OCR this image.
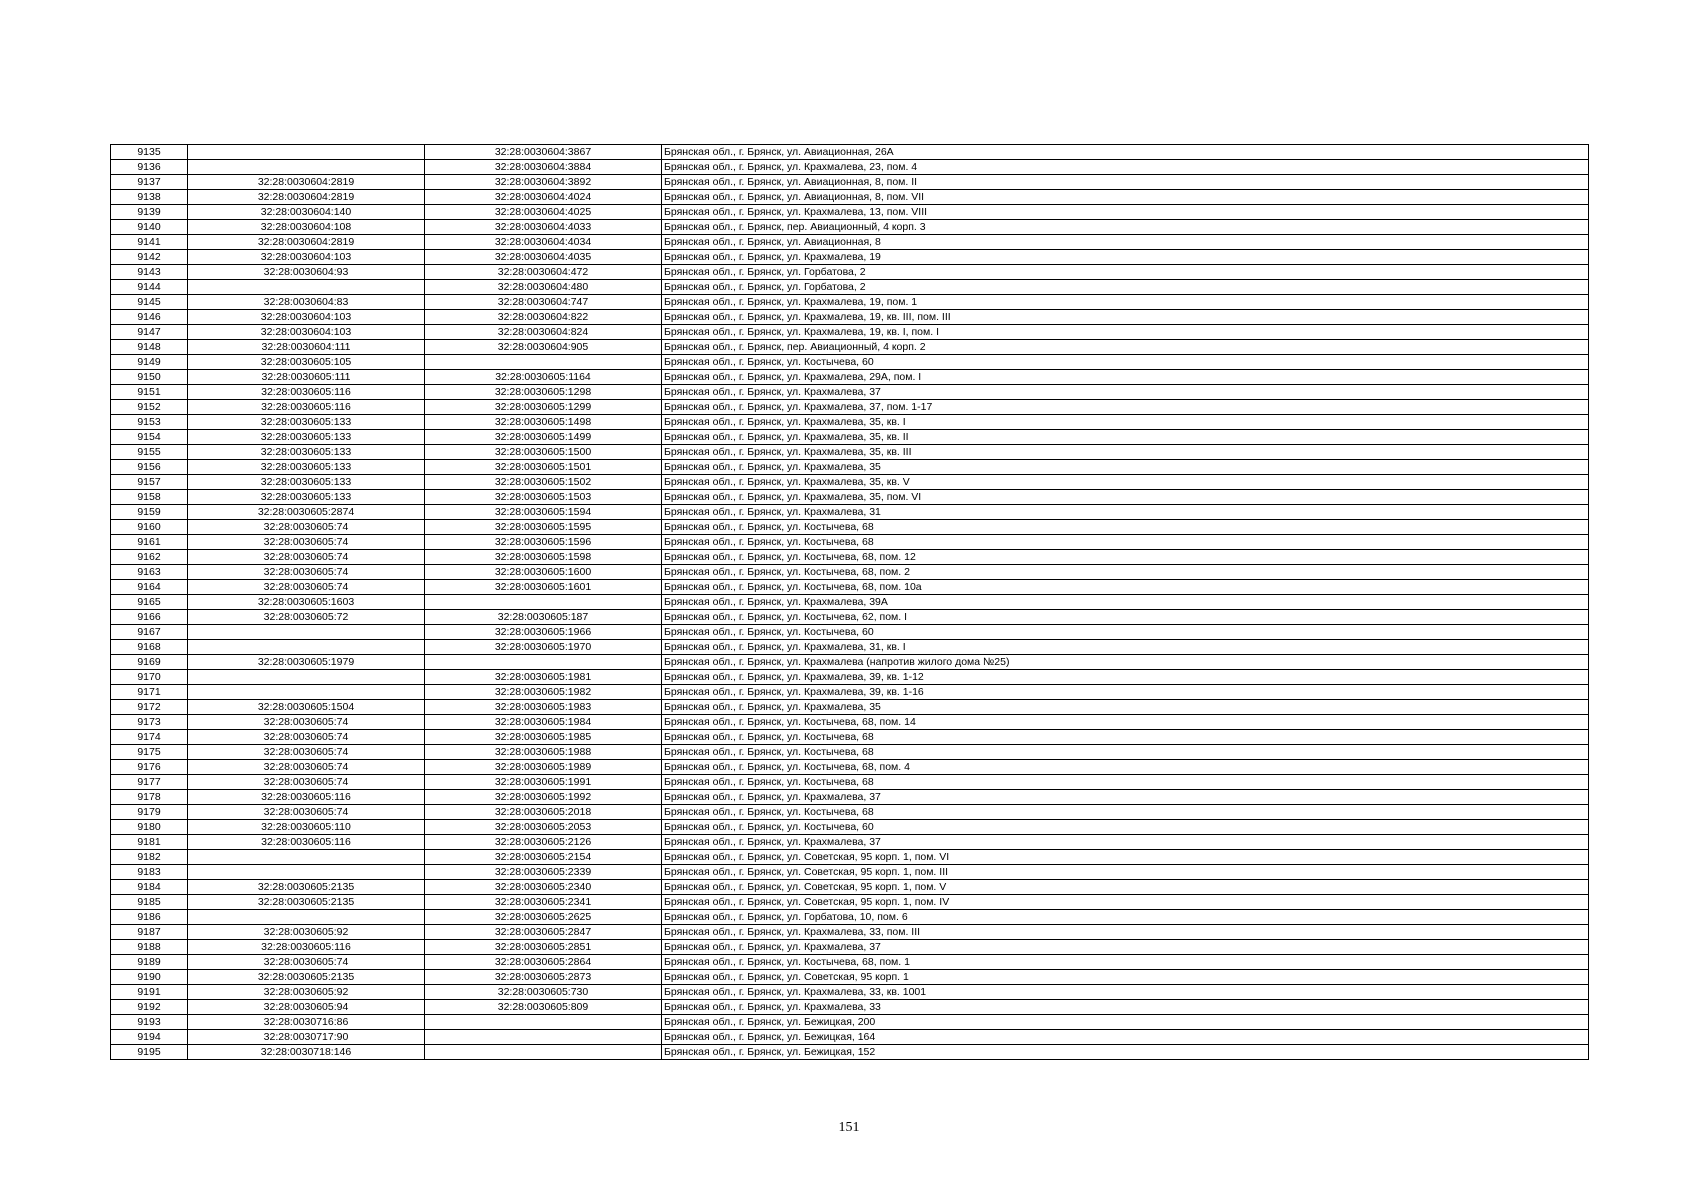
9135		32:28:0030604:3867	Брянская обл., г. Брянск, ул. Авиационная, 26А
9136		32:28:0030604:3884	Брянская обл., г. Брянск, ул. Крахмалева, 23, пом. 4
9137	32:28:0030604:2819	32:28:0030604:3892	Брянская обл., г. Брянск, ул. Авиационная, 8, пом. II
9138	32:28:0030604:2819	32:28:0030604:4024	Брянская обл., г. Брянск, ул. Авиационная, 8, пом. VII
9139	32:28:0030604:140	32:28:0030604:4025	Брянская обл., г. Брянск, ул. Крахмалева, 13, пом. VIII
9140	32:28:0030604:108	32:28:0030604:4033	Брянская обл., г. Брянск, пер. Авиационный, 4 корп. 3
9141	32:28:0030604:2819	32:28:0030604:4034	Брянская обл., г. Брянск, ул. Авиационная, 8
9142	32:28:0030604:103	32:28:0030604:4035	Брянская обл., г. Брянск, ул. Крахмалева, 19
9143	32:28:0030604:93	32:28:0030604:472	Брянская обл., г. Брянск, ул. Горбатова, 2
9144		32:28:0030604:480	Брянская обл., г. Брянск, ул. Горбатова, 2
9145	32:28:0030604:83	32:28:0030604:747	Брянская обл., г. Брянск, ул. Крахмалева, 19, пом. 1
9146	32:28:0030604:103	32:28:0030604:822	Брянская обл., г. Брянск, ул. Крахмалева, 19, кв. III, пом. III
9147	32:28:0030604:103	32:28:0030604:824	Брянская обл., г. Брянск, ул. Крахмалева, 19, кв. I, пом. I
9148	32:28:0030604:111	32:28:0030604:905	Брянская обл., г. Брянск, пер. Авиационный, 4 корп. 2
9149	32:28:0030605:105		Брянская обл., г. Брянск, ул. Костычева, 60
9150	32:28:0030605:111	32:28:0030605:1164	Брянская обл., г. Брянск, ул. Крахмалева, 29А, пом. I
9151	32:28:0030605:116	32:28:0030605:1298	Брянская обл., г. Брянск, ул. Крахмалева, 37
9152	32:28:0030605:116	32:28:0030605:1299	Брянская обл., г. Брянск, ул. Крахмалева, 37, пом. 1-17
9153	32:28:0030605:133	32:28:0030605:1498	Брянская обл., г. Брянск, ул. Крахмалева, 35, кв. I
9154	32:28:0030605:133	32:28:0030605:1499	Брянская обл., г. Брянск, ул. Крахмалева, 35, кв. II
9155	32:28:0030605:133	32:28:0030605:1500	Брянская обл., г. Брянск, ул. Крахмалева, 35, кв. III
9156	32:28:0030605:133	32:28:0030605:1501	Брянская обл., г. Брянск, ул. Крахмалева, 35
9157	32:28:0030605:133	32:28:0030605:1502	Брянская обл., г. Брянск, ул. Крахмалева, 35, кв. V
9158	32:28:0030605:133	32:28:0030605:1503	Брянская обл., г. Брянск, ул. Крахмалева, 35, пом. VI
9159	32:28:0030605:2874	32:28:0030605:1594	Брянская обл., г. Брянск, ул. Крахмалева, 31
9160	32:28:0030605:74	32:28:0030605:1595	Брянская обл., г. Брянск, ул. Костычева, 68
9161	32:28:0030605:74	32:28:0030605:1596	Брянская обл., г. Брянск, ул. Костычева, 68
9162	32:28:0030605:74	32:28:0030605:1598	Брянская обл., г. Брянск, ул. Костычева, 68, пом. 12
9163	32:28:0030605:74	32:28:0030605:1600	Брянская обл., г. Брянск, ул. Костычева, 68, пом. 2
9164	32:28:0030605:74	32:28:0030605:1601	Брянская обл., г. Брянск, ул. Костычева, 68, пом. 10а
9165	32:28:0030605:1603		Брянская обл., г. Брянск, ул. Крахмалева, 39А
9166	32:28:0030605:72	32:28:0030605:187	Брянская обл., г. Брянск, ул. Костычева, 62, пом. I
9167		32:28:0030605:1966	Брянская обл., г. Брянск, ул. Костычева, 60
9168		32:28:0030605:1970	Брянская обл., г. Брянск, ул. Крахмалева, 31, кв. I
9169	32:28:0030605:1979		Брянская обл., г. Брянск, ул. Крахмалева (напротив жилого дома №25)
9170		32:28:0030605:1981	Брянская обл., г. Брянск, ул. Крахмалева, 39, кв. 1-12
9171		32:28:0030605:1982	Брянская обл., г. Брянск, ул. Крахмалева, 39, кв. 1-16
9172	32:28:0030605:1504	32:28:0030605:1983	Брянская обл., г. Брянск, ул. Крахмалева, 35
9173	32:28:0030605:74	32:28:0030605:1984	Брянская обл., г. Брянск, ул. Костычева, 68, пом. 14
9174	32:28:0030605:74	32:28:0030605:1985	Брянская обл., г. Брянск, ул. Костычева, 68
9175	32:28:0030605:74	32:28:0030605:1988	Брянская обл., г. Брянск, ул. Костычева, 68
9176	32:28:0030605:74	32:28:0030605:1989	Брянская обл., г. Брянск, ул. Костычева, 68, пом. 4
9177	32:28:0030605:74	32:28:0030605:1991	Брянская обл., г. Брянск, ул. Костычева, 68
9178	32:28:0030605:116	32:28:0030605:1992	Брянская обл., г. Брянск, ул. Крахмалева, 37
9179	32:28:0030605:74	32:28:0030605:2018	Брянская обл., г. Брянск, ул. Костычева, 68
9180	32:28:0030605:110	32:28:0030605:2053	Брянская обл., г. Брянск, ул. Костычева, 60
9181	32:28:0030605:116	32:28:0030605:2126	Брянская обл., г. Брянск, ул. Крахмалева, 37
9182		32:28:0030605:2154	Брянская обл., г. Брянск, ул. Советская, 95 корп. 1, пом. VI
9183		32:28:0030605:2339	Брянская обл., г. Брянск, ул. Советская, 95 корп. 1, пом. III
9184	32:28:0030605:2135	32:28:0030605:2340	Брянская обл., г. Брянск, ул. Советская, 95 корп. 1, пом. V
9185	32:28:0030605:2135	32:28:0030605:2341	Брянская обл., г. Брянск, ул. Советская, 95 корп. 1, пом. IV
9186		32:28:0030605:2625	Брянская обл., г. Брянск, ул. Горбатова, 10, пом. 6
9187	32:28:0030605:92	32:28:0030605:2847	Брянская обл., г. Брянск, ул. Крахмалева, 33, пом. III
9188	32:28:0030605:116	32:28:0030605:2851	Брянская обл., г. Брянск, ул. Крахмалева, 37
9189	32:28:0030605:74	32:28:0030605:2864	Брянская обл., г. Брянск, ул. Костычева, 68, пом. 1
9190	32:28:0030605:2135	32:28:0030605:2873	Брянская обл., г. Брянск, ул. Советская, 95 корп. 1
9191	32:28:0030605:92	32:28:0030605:730	Брянская обл., г. Брянск, ул. Крахмалева, 33, кв. 1001
9192	32:28:0030605:94	32:28:0030605:809	Брянская обл., г. Брянск, ул. Крахмалева, 33
9193	32:28:0030716:86		Брянская обл., г. Брянск, ул. Бежицкая, 200
9194	32:28:0030717:90		Брянская обл., г. Брянск, ул. Бежицкая, 164
9195	32:28:0030718:146		Брянская обл., г. Брянск, ул. Бежицкая, 152
151
